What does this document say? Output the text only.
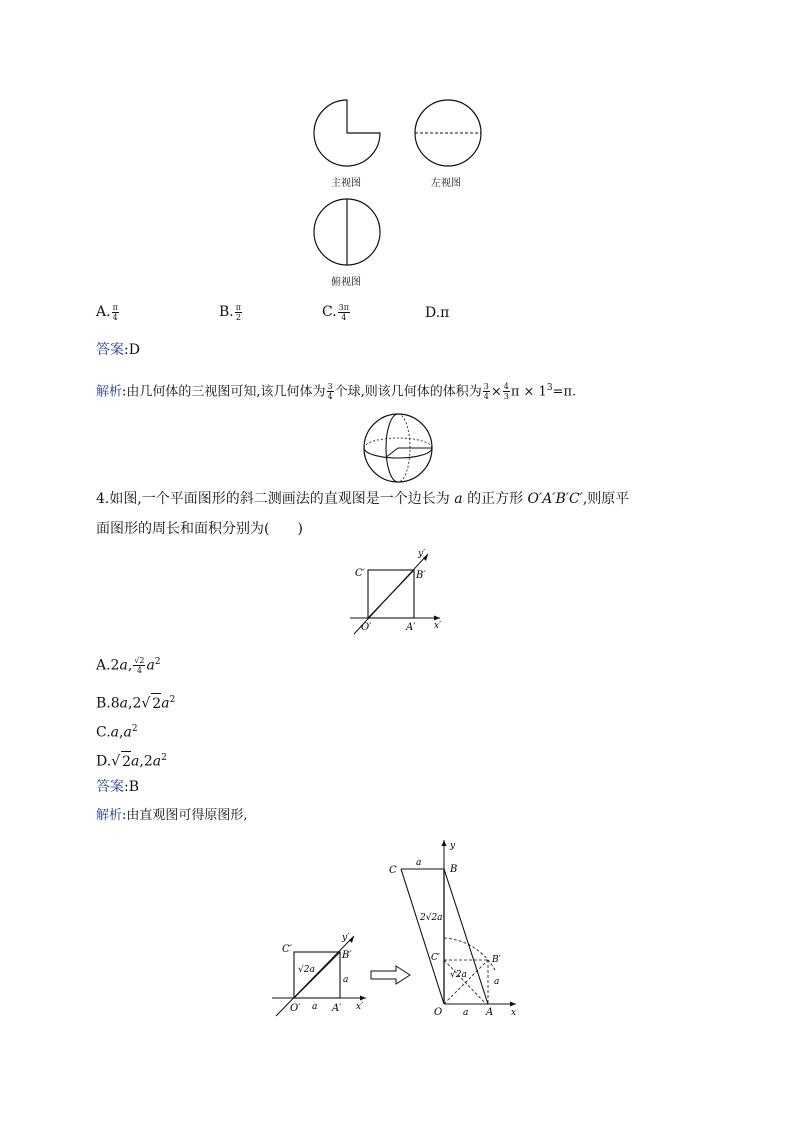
主视图	左视图
俯视图
A. $\frac{\pi}{4}$	B. $\frac{\pi}{2}$	C. $\frac{3\pi}{4}$	D.π
答案:D
解析:由几何体的三视图可知,该几何体为 $\frac{3}{4}$ 个球,则该几何体的体积为 $\frac{3}{4} \times \frac{4}{3}$ $\pi \times 1^3=\pi$.
4.如图,一个平面图形的斜二测画法的直观图是一个边长为 a 的正方形 O′A′B′C′,则原平
面图形的周长和面积分别为(　　)
C′	B′
O′	A′ x′
y′
A.2a, $\frac{√2}{4} a^2$
B.8a,2√ $2a^2$
$C.a,a^2$
D.√ $2a,2a^2$
答案:B
解析:由直观图可得原图形,
C′
B′
O′	A′ x′
y′
√2a
a
a
C	B
a
2√2a
C′	B′
√2a
a
O a A x
y
